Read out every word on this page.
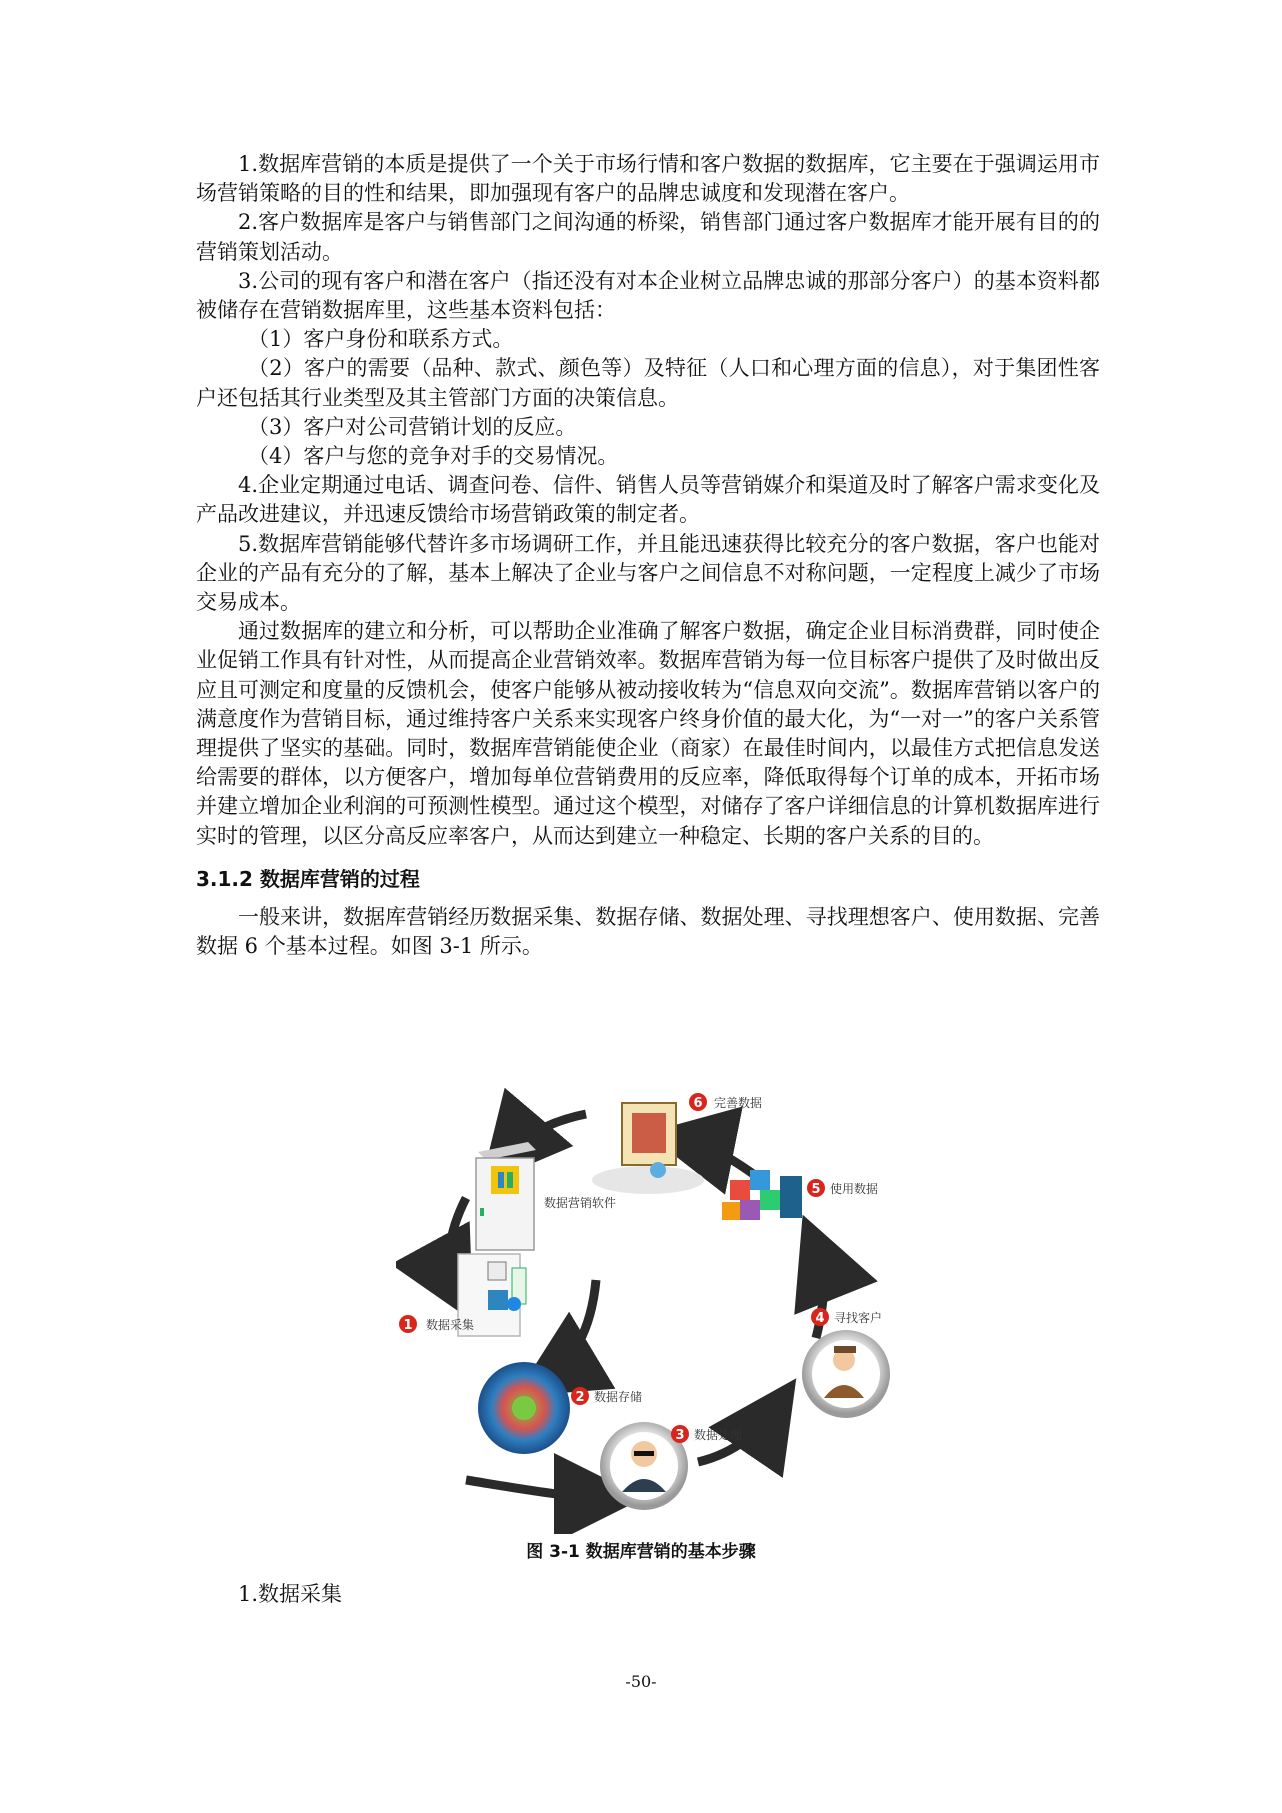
1.数据库营销的本质是提供了一个关于市场行情和客户数据的数据库，它主要在于强调运用市场营销策略的目的性和结果，即加强现有客户的品牌忠诚度和发现潜在客户。

2.客户数据库是客户与销售部门之间沟通的桥梁，销售部门通过客户数据库才能开展有目的的营销策划活动。

3.公司的现有客户和潜在客户（指还没有对本企业树立品牌忠诚的那部分客户）的基本资料都被储存在营销数据库里，这些基本资料包括：

（1）客户身份和联系方式。

（2）客户的需要（品种、款式、颜色等）及特征（人口和心理方面的信息），对于集团性客户还包括其行业类型及其主管部门方面的决策信息。

（3）客户对公司营销计划的反应。

（4）客户与您的竞争对手的交易情况。

4.企业定期通过电话、调查问卷、信件、销售人员等营销媒介和渠道及时了解客户需求变化及产品改进建议，并迅速反馈给市场营销政策的制定者。

5.数据库营销能够代替许多市场调研工作，并且能迅速获得比较充分的客户数据，客户也能对企业的产品有充分的了解，基本上解决了企业与客户之间信息不对称问题，一定程度上减少了市场交易成本。

通过数据库的建立和分析，可以帮助企业准确了解客户数据，确定企业目标消费群，同时使企业促销工作具有针对性，从而提高企业营销效率。数据库营销为每一位目标客户提供了及时做出反应且可测定和度量的反馈机会，使客户能够从被动接收转为“信息双向交流”。数据库营销以客户的满意度作为营销目标，通过维持客户关系来实现客户终身价值的最大化，为“一对一”的客户关系管理提供了坚实的基础。同时，数据库营销能使企业（商家）在最佳时间内，以最佳方式把信息发送给需要的群体，以方便客户，增加每单位营销费用的反应率，降低取得每个订单的成本，开拓市场并建立增加企业利润的可预测性模型。通过这个模型，对储存了客户详细信息的计算机数据库进行实时的管理，以区分高反应率客户，从而达到建立一种稳定、长期的客户关系的目的。

3.1.2 数据库营销的过程

一般来讲，数据库营销经历数据采集、数据存储、数据处理、寻找理想客户、使用数据、完善数据 6 个基本过程。如图 3-1 所示。

6 完善数据
数据营销软件
5 使用数据
1 数据采集	4 寻找客户
2 数据存储
3 数据处理
图 3-1 数据库营销的基本步骤
1.数据采集
-50-
